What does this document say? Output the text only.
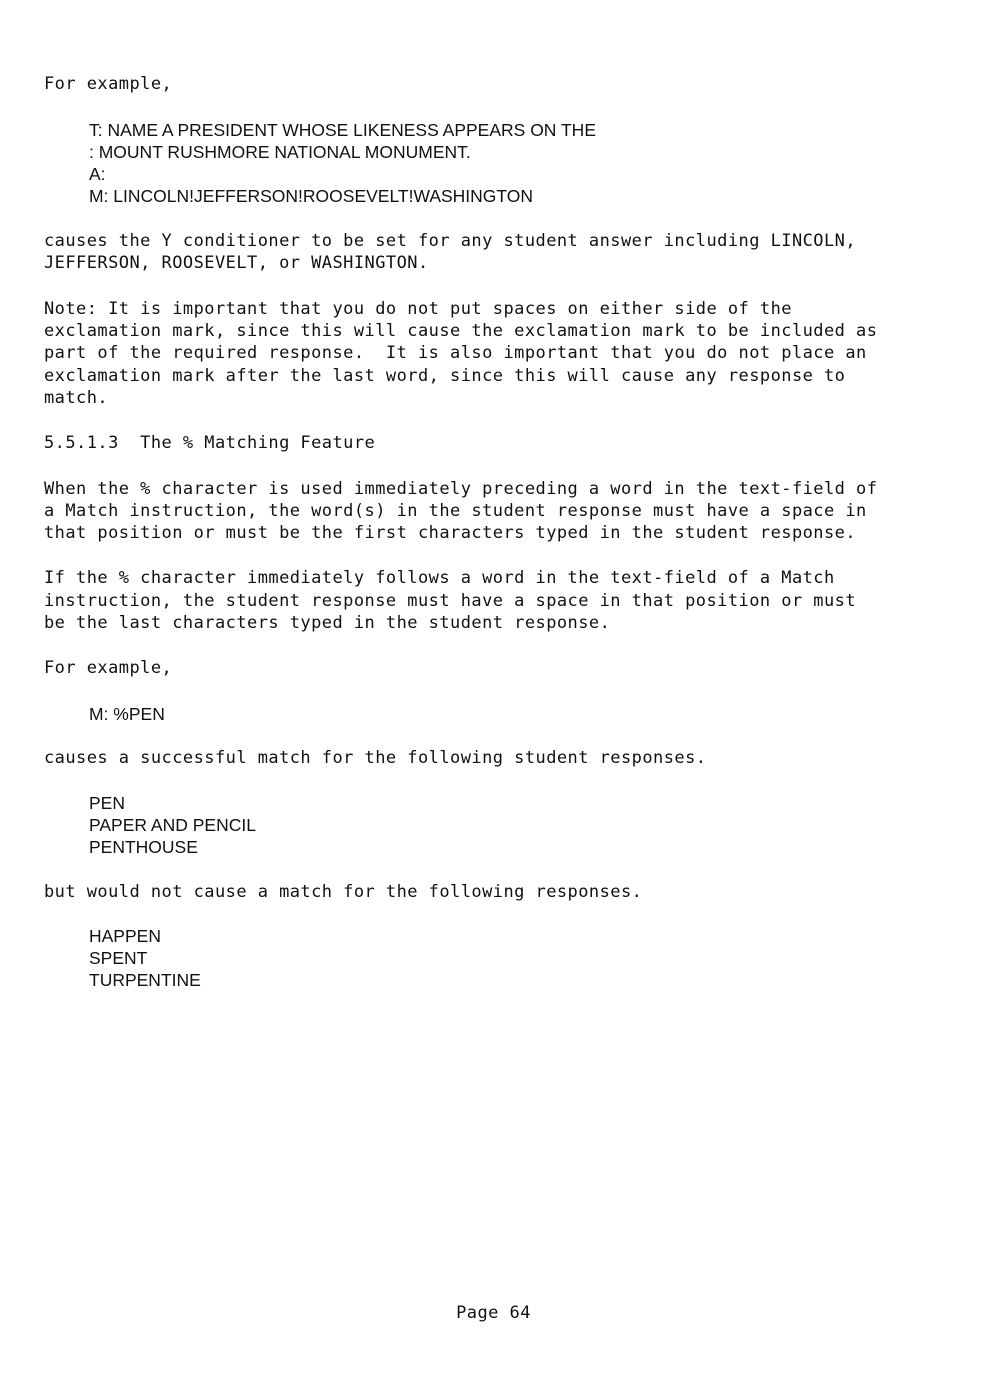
For example,
T: NAME A PRESIDENT WHOSE LIKENESS APPEARS ON THE
: MOUNT RUSHMORE NATIONAL MONUMENT.
A:
M: LINCOLN!JEFFERSON!ROOSEVELT!WASHINGTON
causes the Y conditioner to be set for any student answer including LINCOLN,
JEFFERSON, ROOSEVELT, or WASHINGTON.
Note: It is important that you do not put spaces on either side of the
exclamation mark, since this will cause the exclamation mark to be included as
part of the required response.  It is also important that you do not place an
exclamation mark after the last word, since this will cause any response to
match.
5.5.1.3  The % Matching Feature
When the % character is used immediately preceding a word in the text-field of
a Match instruction, the word(s) in the student response must have a space in
that position or must be the first characters typed in the student response.
If the % character immediately follows a word in the text-field of a Match
instruction, the student response must have a space in that position or must
be the last characters typed in the student response.
For example,
M: %PEN
causes a successful match for the following student responses.
PEN
PAPER AND PENCIL
PENTHOUSE
but would not cause a match for the following responses.
HAPPEN
SPENT
TURPENTINE
Page 64
